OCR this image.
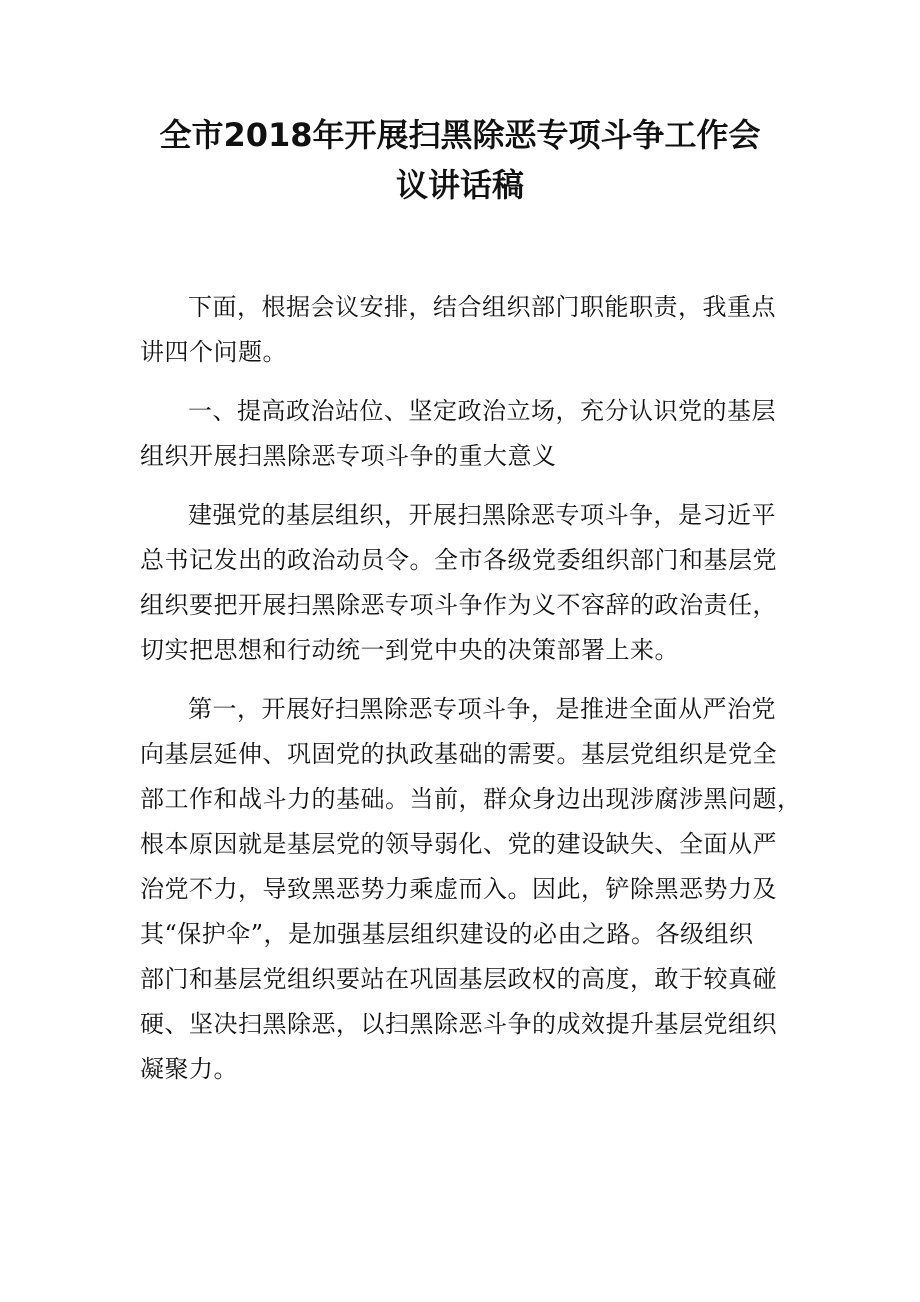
全市2018年开展扫黑除恶专项斗争工作会
议讲话稿

下面，根据会议安排，结合组织部门职能职责，我重点
讲四个问题。

一、提高政治站位、坚定政治立场，充分认识党的基层
组织开展扫黑除恶专项斗争的重大意义

建强党的基层组织，开展扫黑除恶专项斗争，是习近平
总书记发出的政治动员令。全市各级党委组织部门和基层党
组织要把开展扫黑除恶专项斗争作为义不容辞的政治责任，
切实把思想和行动统一到党中央的决策部署上来。

第一，开展好扫黑除恶专项斗争，是推进全面从严治党
向基层延伸、巩固党的执政基础的需要。基层党组织是党全
部工作和战斗力的基础。当前，群众身边出现涉腐涉黑问题，
根本原因就是基层党的领导弱化、党的建设缺失、全面从严
治党不力，导致黑恶势力乘虚而入。因此，铲除黑恶势力及
其“保护伞”，是加强基层组织建设的必由之路。各级组织
部门和基层党组织要站在巩固基层政权的高度，敢于较真碰
硬、坚决扫黑除恶，以扫黑除恶斗争的成效提升基层党组织
凝聚力。
